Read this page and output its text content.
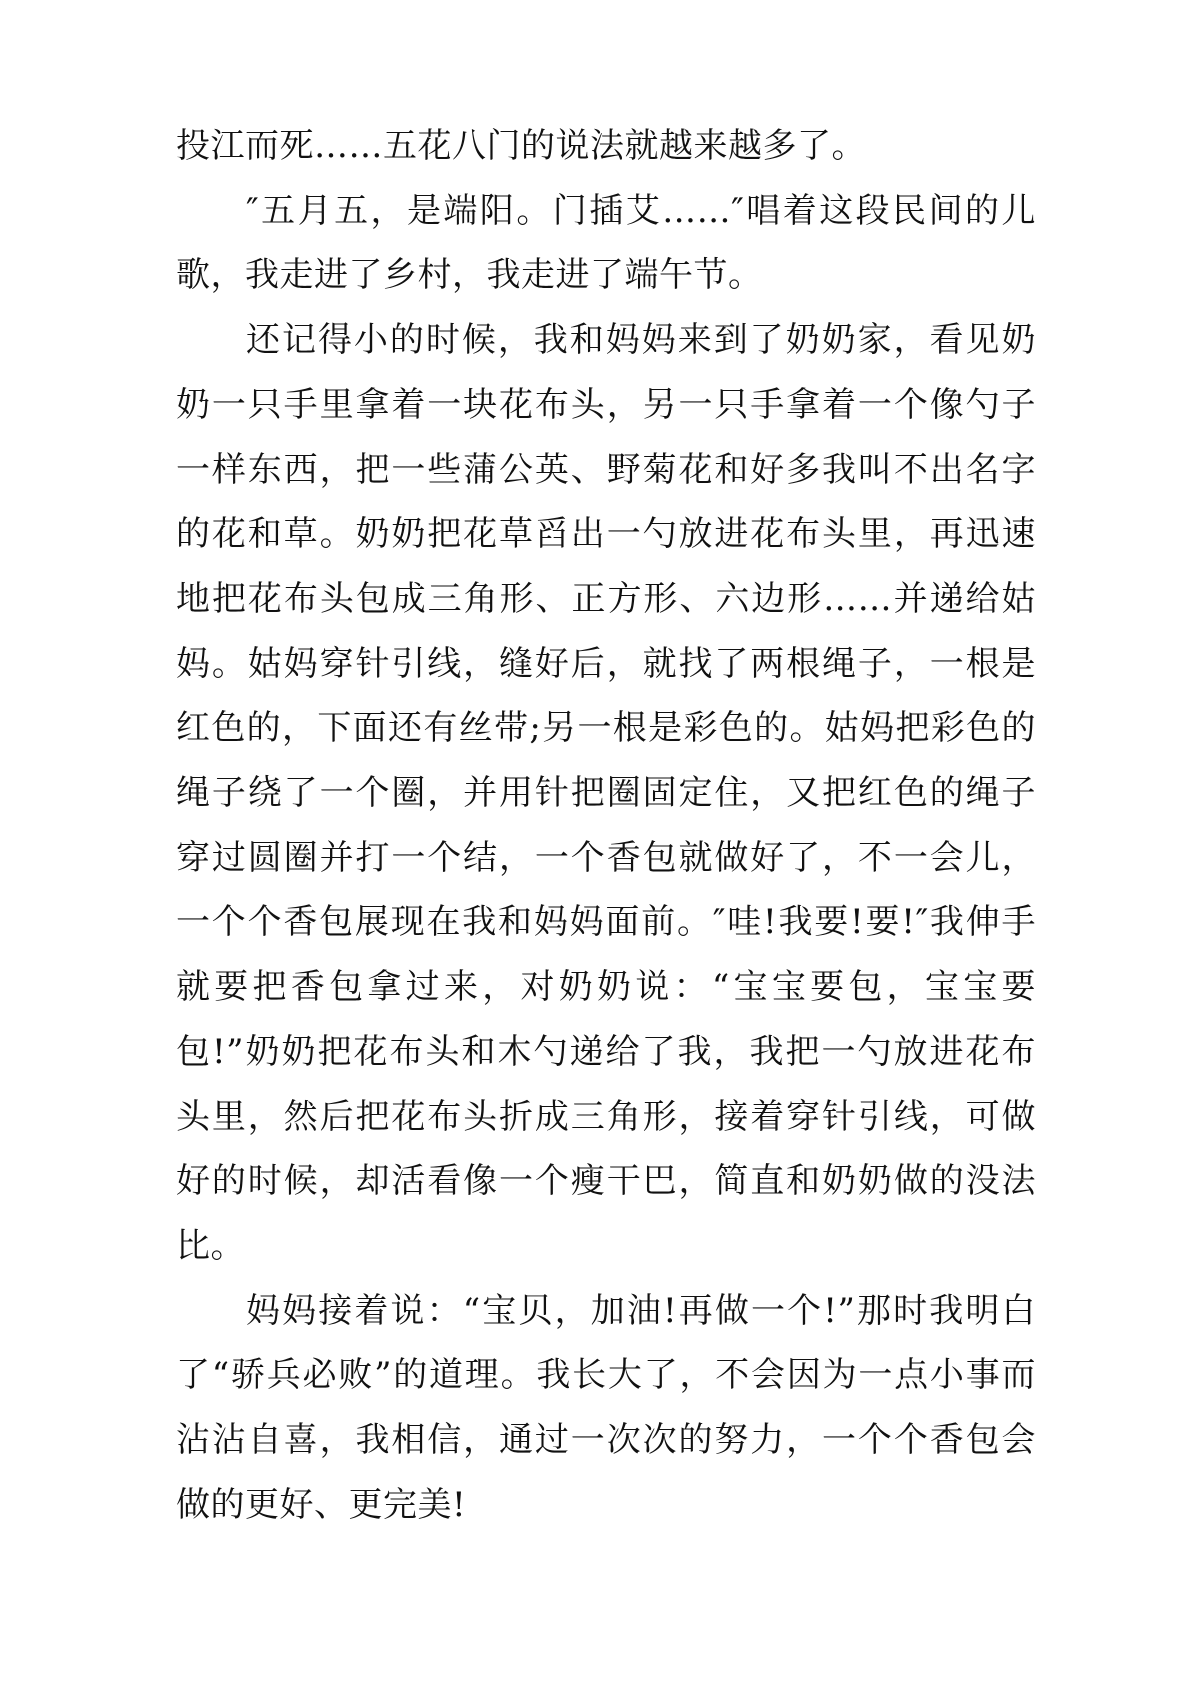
投江而死……五花八门的说法就越来越多了。

″五月五，是端阳。门插艾……″唱着这段民间的儿歌，我走进了乡村，我走进了端午节。

还记得小的时候，我和妈妈来到了奶奶家，看见奶奶一只手里拿着一块花布头，另一只手拿着一个像勺子一样东西，把一些蒲公英、野菊花和好多我叫不出名字的花和草。奶奶把花草舀出一勺放进花布头里，再迅速地把花布头包成三角形、正方形、六边形……并递给姑妈。姑妈穿针引线，缝好后，就找了两根绳子，一根是红色的，下面还有丝带;另一根是彩色的。姑妈把彩色的绳子绕了一个圈，并用针把圈固定住，又把红色的绳子穿过圆圈并打一个结，一个香包就做好了，不一会儿，一个个香包展现在我和妈妈面前。″哇!我要!要!″我伸手就要把香包拿过来，对奶奶说：“宝宝要包，宝宝要包!”奶奶把花布头和木勺递给了我，我把一勺放进花布头里，然后把花布头折成三角形，接着穿针引线，可做好的时候，却活看像一个瘦干巴，简直和奶奶做的没法比。

妈妈接着说：“宝贝，加油!再做一个!”那时我明白了“骄兵必败”的道理。我长大了，不会因为一点小事而沾沾自喜，我相信，通过一次次的努力，一个个香包会做的更好、更完美!
